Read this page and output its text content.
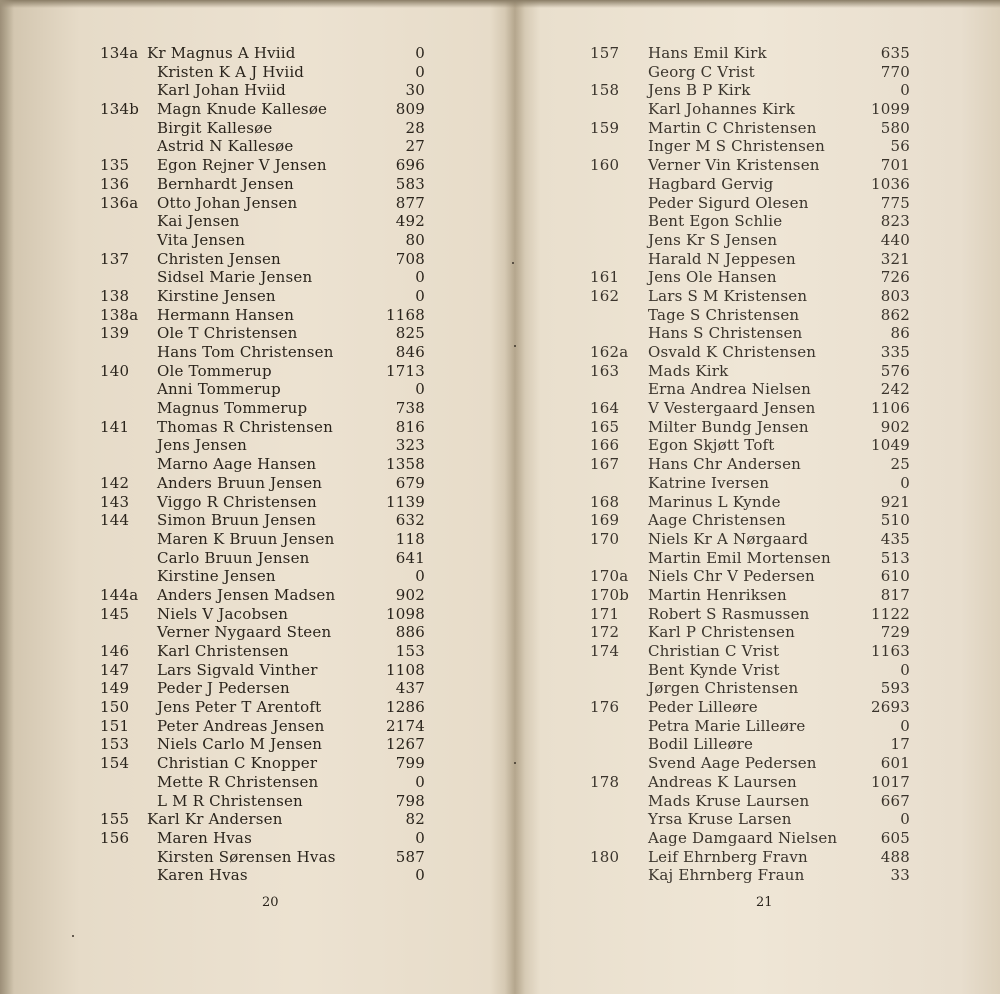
134a Kr Magnus A Hviid	0
Kristen K A J Hviid	0
Karl Johan Hviid	30
134b Magn Knude Kallesøe	809
Birgit Kallesøe	28
Astrid N Kallesøe	27
135 Egon Rejner V Jensen	696
136 Bernhardt Jensen	583
136a Otto Johan Jensen	877
Kai Jensen	492
Vita Jensen	80
137 Christen Jensen	708
Sidsel Marie Jensen	0
138 Kirstine Jensen	0
138a Hermann Hansen	1168
139 Ole T Christensen	825
Hans Tom Christensen	846
140 Ole Tommerup	1713
Anni Tommerup	0
Magnus Tommerup	738
141 Thomas R Christensen	816
Jens Jensen	323
Marno Aage Hansen	1358
142 Anders Bruun Jensen	679
143 Viggo R Christensen	1139
144 Simon Bruun Jensen	632
Maren K Bruun Jensen	118
Carlo Bruun Jensen	641
Kirstine Jensen	0
144a Anders Jensen Madsen	902
145 Niels V Jacobsen	1098
Verner Nygaard Steen	886
146 Karl Christensen	153
147 Lars Sigvald Vinther	1108
149 Peder J Pedersen	437
150 Jens Peter T Arentoft	1286
151 Peter Andreas Jensen	2174
153 Niels Carlo M Jensen	1267
154 Christian C Knopper	799
Mette R Christensen	0
L M R Christensen	798
155 Karl Kr Andersen	82
156 Maren Hvas	0
Kirsten Sørensen Hvas	587
Karen Hvas	0
157 Hans Emil Kirk	635
Georg C Vrist	770
158 Jens B P Kirk	0
Karl Johannes Kirk	1099
159 Martin C Christensen	580
Inger M S Christensen	56
160 Verner Vin Kristensen	701
Hagbard Gervig	1036
Peder Sigurd Olesen	775
Bent Egon Schlie	823
Jens Kr S Jensen	440
Harald N Jeppesen	321
161 Jens Ole Hansen	726
162 Lars S M Kristensen	803
Tage S Christensen	862
Hans S Christensen	86
162a Osvald K Christensen	335
163 Mads Kirk	576
Erna Andrea Nielsen	242
164 V Vestergaard Jensen	1106
165 Milter Bundg Jensen	902
166 Egon Skjøtt Toft	1049
167 Hans Chr Andersen	25
Katrine Iversen	0
168 Marinus L Kynde	921
169 Aage Christensen	510
170 Niels Kr A Nørgaard	435
Martin Emil Mortensen	513
170a Niels Chr V Pedersen	610
170b Martin Henriksen	817
171 Robert S Rasmussen	1122
172 Karl P Christensen	729
174 Christian C Vrist	1163
Bent Kynde Vrist	0
Jørgen Christensen	593
176 Peder Lilleøre	2693
Petra Marie Lilleøre	0
Bodil Lilleøre	17
Svend Aage Pedersen	601
178 Andreas K Laursen	1017
Mads Kruse Laursen	667
Yrsa Kruse Larsen	0
Aage Damgaard Nielsen	605
180 Leif Ehrnberg Fravn	488
Kaj Ehrnberg Fraun	33
20	21
